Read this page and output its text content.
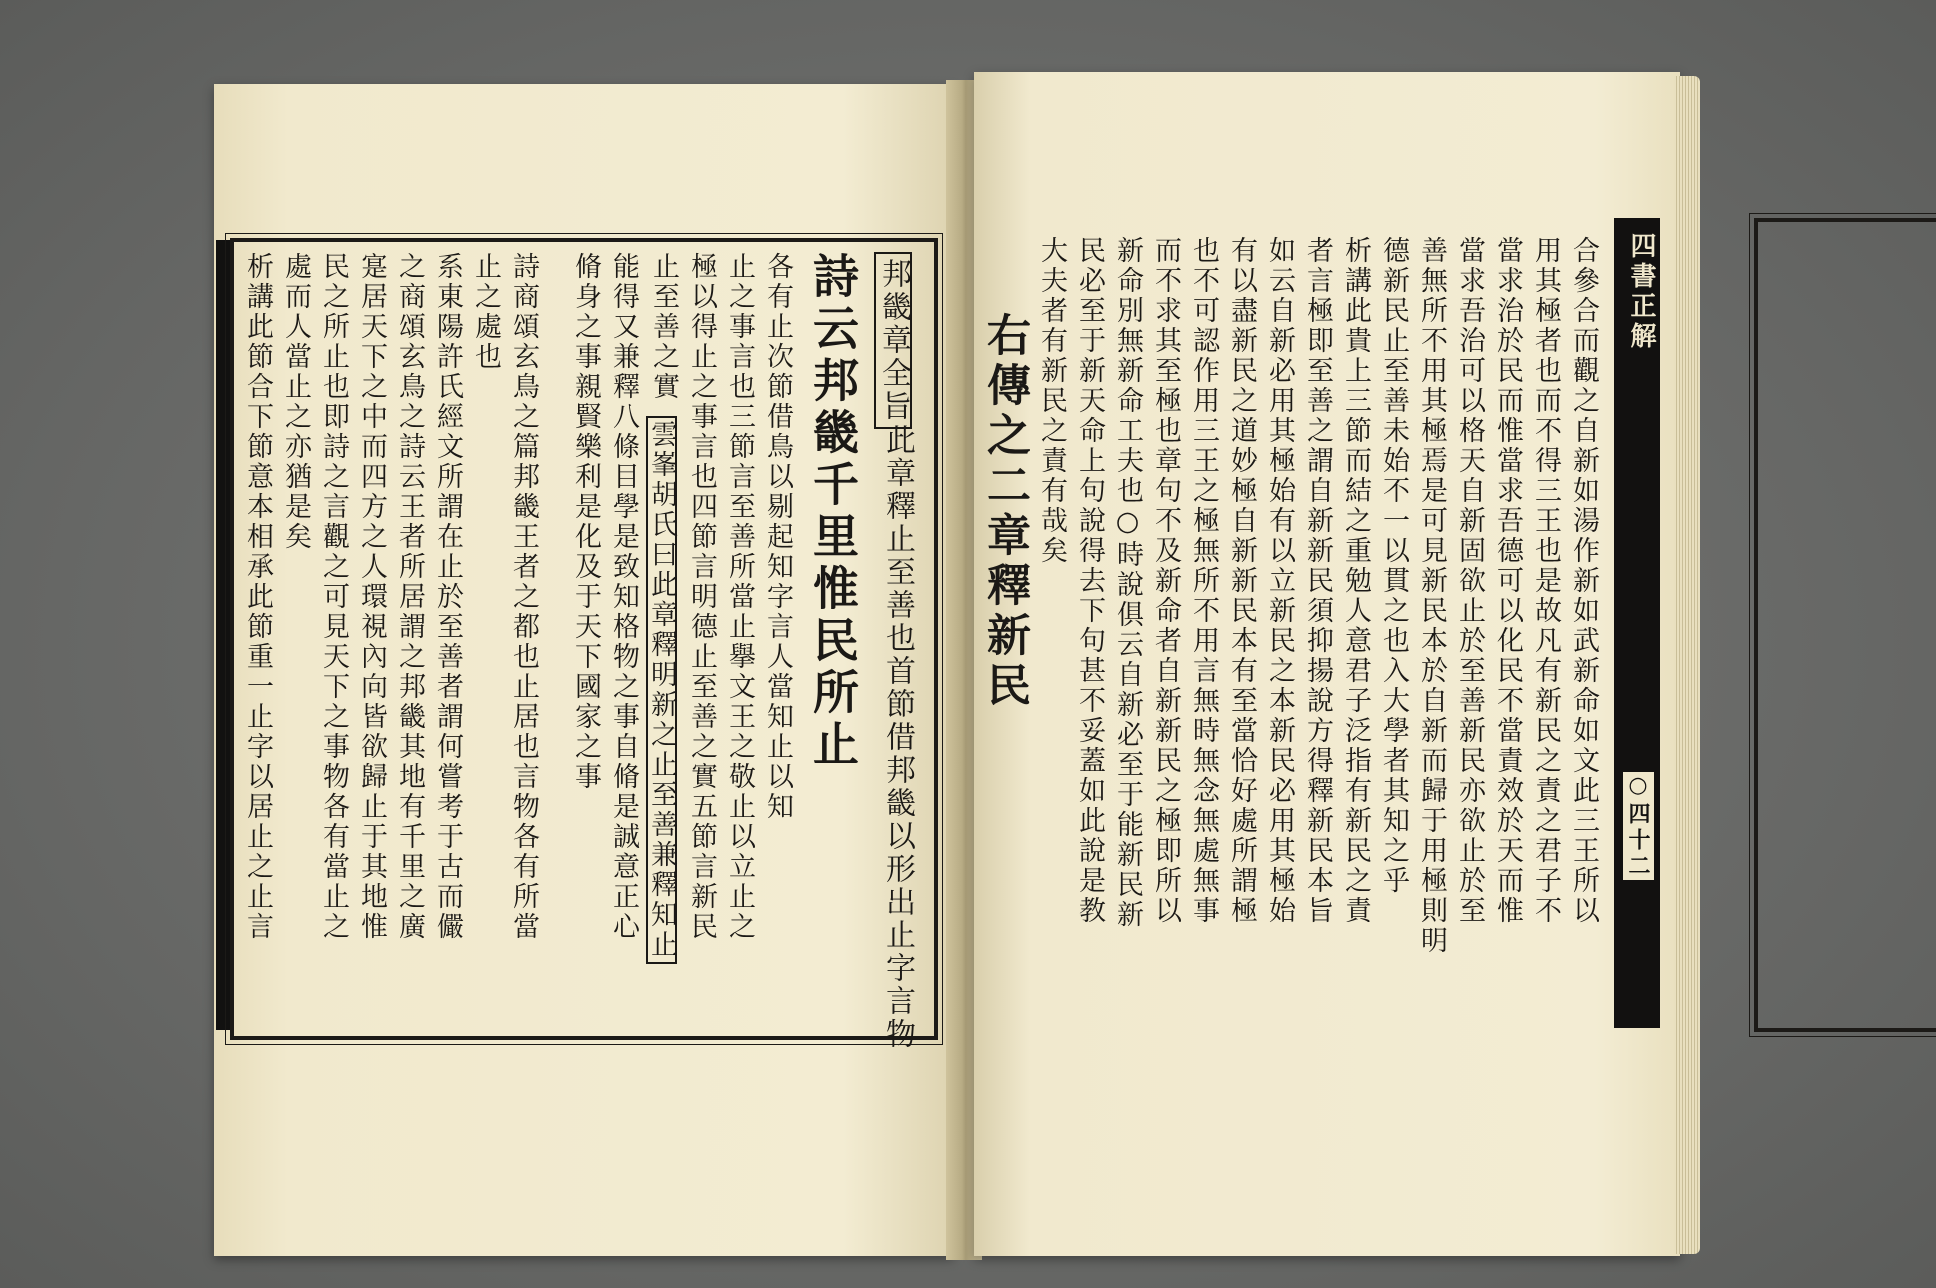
邦畿章全旨
詩云邦畿千里惟民所止 此章釋止至善也首節借邦畿以形出止字言物
各有止次節借鳥以剔起知字言人當知止以知
止之事言也三節言至善所當止擧文王之敬止以立止之
極以得止之事言也四節言明德止至善之實五節言新民
止至善之實
雲峯胡氏曰此章釋明新之止至善兼釋知止
能得又兼釋八條目學是致知格物之事自脩是誠意正心
脩身之事親賢樂利是化及于天下國家之事
詩商頌玄鳥之篇邦畿王者之都也止居也言物各有所當
止之處也
系東陽許氏經文所謂在止於至善者謂何嘗考于古而儼
之商頌玄鳥之詩云王者所居謂之邦畿其地有千里之廣
寔居天下之中而四方之人環視內向皆欲歸止于其地惟
民之所止也即詩之言觀之可見天下之事物各有當止之
處而人當止之亦猶是矣
析講此節合下節意本相承此節重一止字以居止之止言	四書正解
○四十二
合參合而觀之自新如湯作新如武新命如文此三王所以
用其極者也而不得三王也是故凡有新民之責之君子不
當求治於民而惟當求吾德可以化民不當責效於天而惟
當求吾治可以格天自新固欲止於至善新民亦欲止於至
善無所不用其極焉是可見新民本於自新而歸于用極則明
德新民止至善未始不一以貫之也入大學者其知之乎
析講此貴上三節而結之重勉人意君子泛指有新民之責
者言極即至善之謂自新新民須抑揚說方得釋新民本旨
如云自新必用其極始有以立新民之本新民必用其極始
有以盡新民之道妙極自新新民本有至當恰好處所謂極
也不可認作用三王之極無所不用言無時無念無處無事
而不求其至極也章句不及新命者自新新民之極即所以
新命別無新命工夫也○時說俱云自新必至于能新民新
民必至于新天命上句說得去下句甚不妥蓋如此說是教
大夫者有新民之責有哉矣
右傳之二章釋新民
